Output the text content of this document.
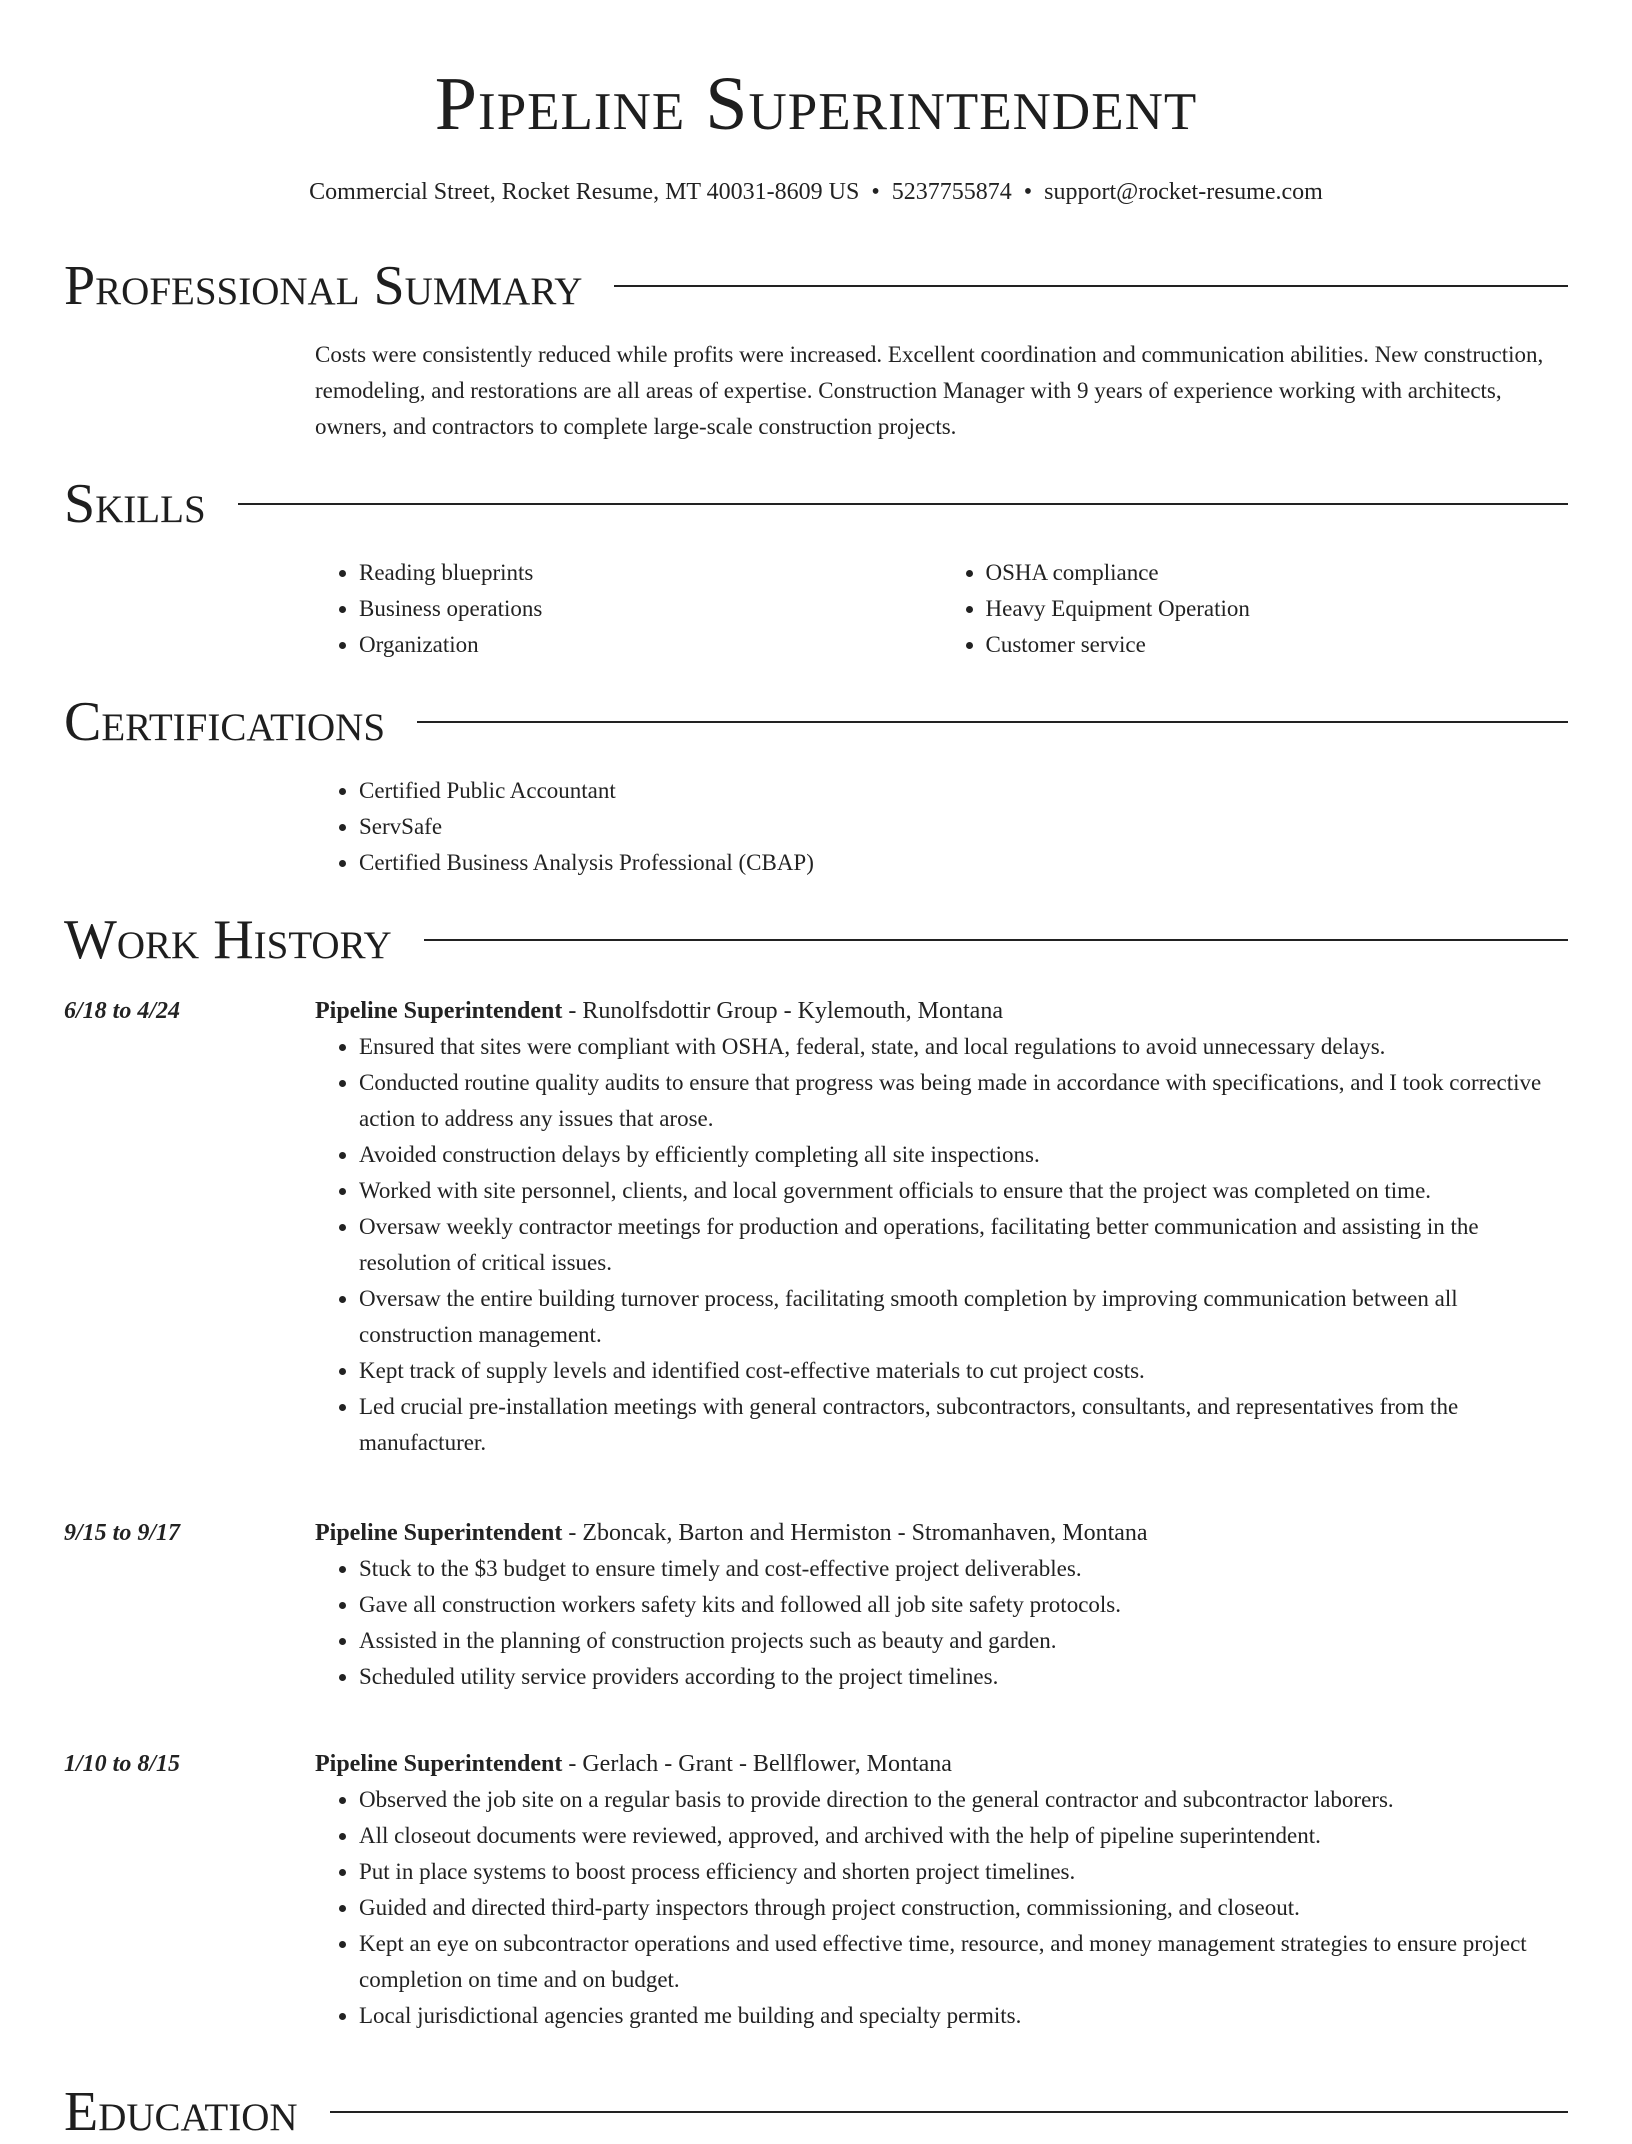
Pipeline Superintendent

Commercial Street, Rocket Resume, MT 40031-8609 US • 5237755874 • support@rocket-resume.com

Professional Summary

Costs were consistently reduced while profits were increased. Excellent coordination and communication abilities. New construction, remodeling, and restorations are all areas of expertise. Construction Manager with 9 years of experience working with architects, owners, and contractors to complete large-scale construction projects.

Skills
• Reading blueprints
• Business operations
• Organization
• OSHA compliance
• Heavy Equipment Operation
• Customer service
Certifications
• Certified Public Accountant
• ServSafe
• Certified Business Analysis Professional (CBAP)
Work History
6/18 to 4/24	Pipeline Superintendent - Runolfsdottir Group - Kylemouth, Montana

• Ensured that sites were compliant with OSHA, federal, state, and local regulations to avoid unnecessary delays.
• Conducted routine quality audits to ensure that progress was being made in accordance with specifications, and I took corrective action to address any issues that arose.
• Avoided construction delays by efficiently completing all site inspections.
• Worked with site personnel, clients, and local government officials to ensure that the project was completed on time.
• Oversaw weekly contractor meetings for production and operations, facilitating better communication and assisting in the resolution of critical issues.
• Oversaw the entire building turnover process, facilitating smooth completion by improving communication between all construction management.
• Kept track of supply levels and identified cost-effective materials to cut project costs.
• Led crucial pre-installation meetings with general contractors, subcontractors, consultants, and representatives from the manufacturer.
9/15 to 9/17	Pipeline Superintendent - Zboncak, Barton and Hermiston - Stromanhaven, Montana

• Stuck to the $3 budget to ensure timely and cost-effective project deliverables.
• Gave all construction workers safety kits and followed all job site safety protocols.
• Assisted in the planning of construction projects such as beauty and garden.
• Scheduled utility service providers according to the project timelines.
1/10 to 8/15	Pipeline Superintendent - Gerlach - Grant - Bellflower, Montana

• Observed the job site on a regular basis to provide direction to the general contractor and subcontractor laborers.
• All closeout documents were reviewed, approved, and archived with the help of pipeline superintendent.
• Put in place systems to boost process efficiency and shorten project timelines.
• Guided and directed third-party inspectors through project construction, commissioning, and closeout.
• Kept an eye on subcontractor operations and used effective time, resource, and money management strategies to ensure project completion on time and on budget.
• Local jurisdictional agencies granted me building and specialty permits.
Education
